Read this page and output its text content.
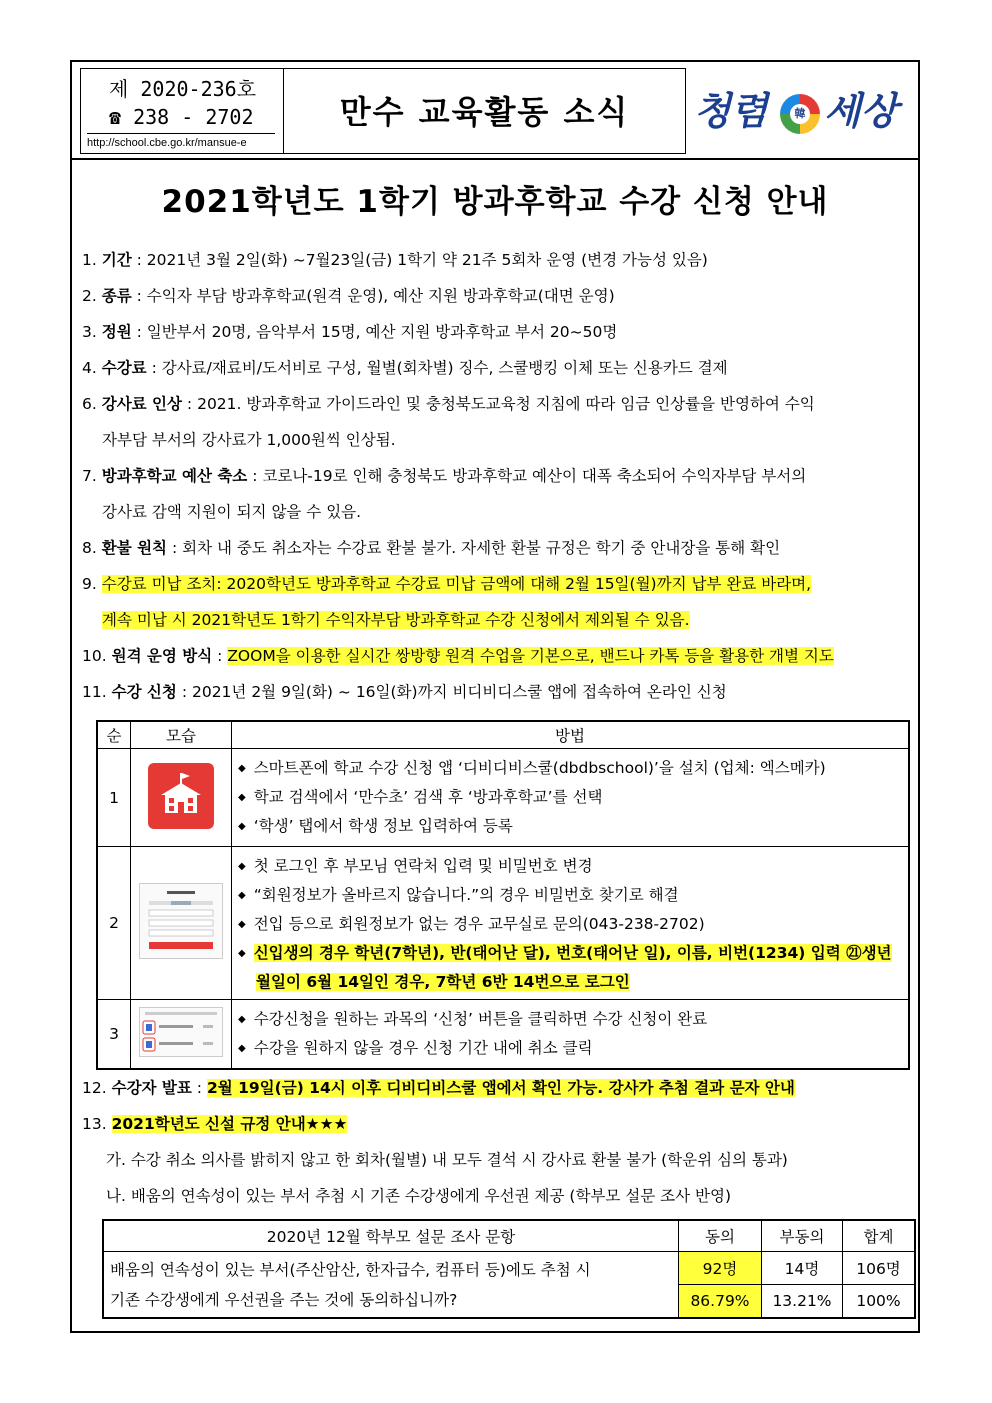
제 2020-236호
☎ 238 - 2702
http://school.cbe.go.kr/mansue-e
만수 교육활동 소식	청렴	韓 세상
2021학년도 1학기 방과후학교 수강 신청 안내
1. 기간 : 2021년 3월 2일(화) ~7월23일(금) 1학기 약 21주 5회차 운영 (변경 가능성 있음)
2. 종류 : 수익자 부담 방과후학교(원격 운영), 예산 지원 방과후학교(대면 운영)
3. 정원 : 일반부서 20명, 음악부서 15명, 예산 지원 방과후학교 부서 20~50명
4. 수강료 : 강사료/재료비/도서비로 구성, 월별(회차별) 징수, 스쿨뱅킹 이체 또는 신용카드 결제
6. 강사료 인상 : 2021. 방과후학교 가이드라인 및 충청북도교육청 지침에 따라 임금 인상률을 반영하여 수익
자부담 부서의 강사료가 1,000원씩 인상됨.
7. 방과후학교 예산 축소 : 코로나-19로 인해 충청북도 방과후학교 예산이 대폭 축소되어 수익자부담 부서의
강사료 감액 지원이 되지 않을 수 있음.
8. 환불 원칙 : 회차 내 중도 취소자는 수강료 환불 불가. 자세한 환불 규정은 학기 중 안내장을 통해 확인
9. 수강료 미납 조치: 2020학년도 방과후학교 수강료 미납 금액에 대해 2월 15일(월)까지 납부 완료 바라며,
계속 미납 시 2021학년도 1학기 수익자부담 방과후학교 수강 신청에서 제외될 수 있음.
10. 원격 운영 방식 : ZOOM을 이용한 실시간 쌍방향 원격 수업을 기본으로, 밴드나 카톡 등을 활용한 개별 지도
11. 수강 신청 : 2021년 2월 9일(화) ~ 16일(화)까지 비디비디스쿨 앱에 접속하여 온라인 신청
순	모습	방법
1		◆ 스마트폰에 학교 수강 신청 앱 ‘디비디비스쿨(dbdbschool)’을 설치 (업체: 엑스메카)
◆ 학교 검색에서 ‘만수초’ 검색 후 ‘방과후학교’를 선택
◆ ‘학생’ 탭에서 학생 정보 입력하여 등록

2		◆ 첫 로그인 후 부모님 연락처 입력 및 비밀번호 변경
◆ “회원정보가 올바르지 않습니다.”의 경우 비밀번호 찾기로 해결
◆ 전입 등으로 회원정보가 없는 경우 교무실로 문의(043-238-2702)
◆ 신입생의 경우 학년(7학년), 반(태어난 달), 번호(태어난 일), 이름, 비번(1234) 입력 ㉑생년
월일이 6월 14일인 경우, 7학년 6반 14번으로 로그인

3		◆ 수강신청을 원하는 과목의 ‘신청’ 버튼을 클릭하면 수강 신청이 완료
◆ 수강을 원하지 않을 경우 신청 기간 내에 취소 클릭
12. 수강자 발표 : 2월 19일(금) 14시 이후 디비디비스쿨 앱에서 확인 가능. 강사가 추첨 결과 문자 안내
13. 2021학년도 신설 규정 안내★★★
가. 수강 취소 의사를 밝히지 않고 한 회차(월별) 내 모두 결석 시 강사료 환불 불가 (학운위 심의 통과)
나. 배움의 연속성이 있는 부서 추첨 시 기존 수강생에게 우선권 제공 (학부모 설문 조사 반영)
2020년 12월 학부모 설문 조사 문항	동의	부동의	합계

배움의 연속성이 있는 부서(주산암산, 한자급수, 컴퓨터 등)에도 추첨 시
기존 수강생에게 우선권을 주는 것에 동의하십니까?	92명	14명	106명
	86.79%	13.21%	100%
